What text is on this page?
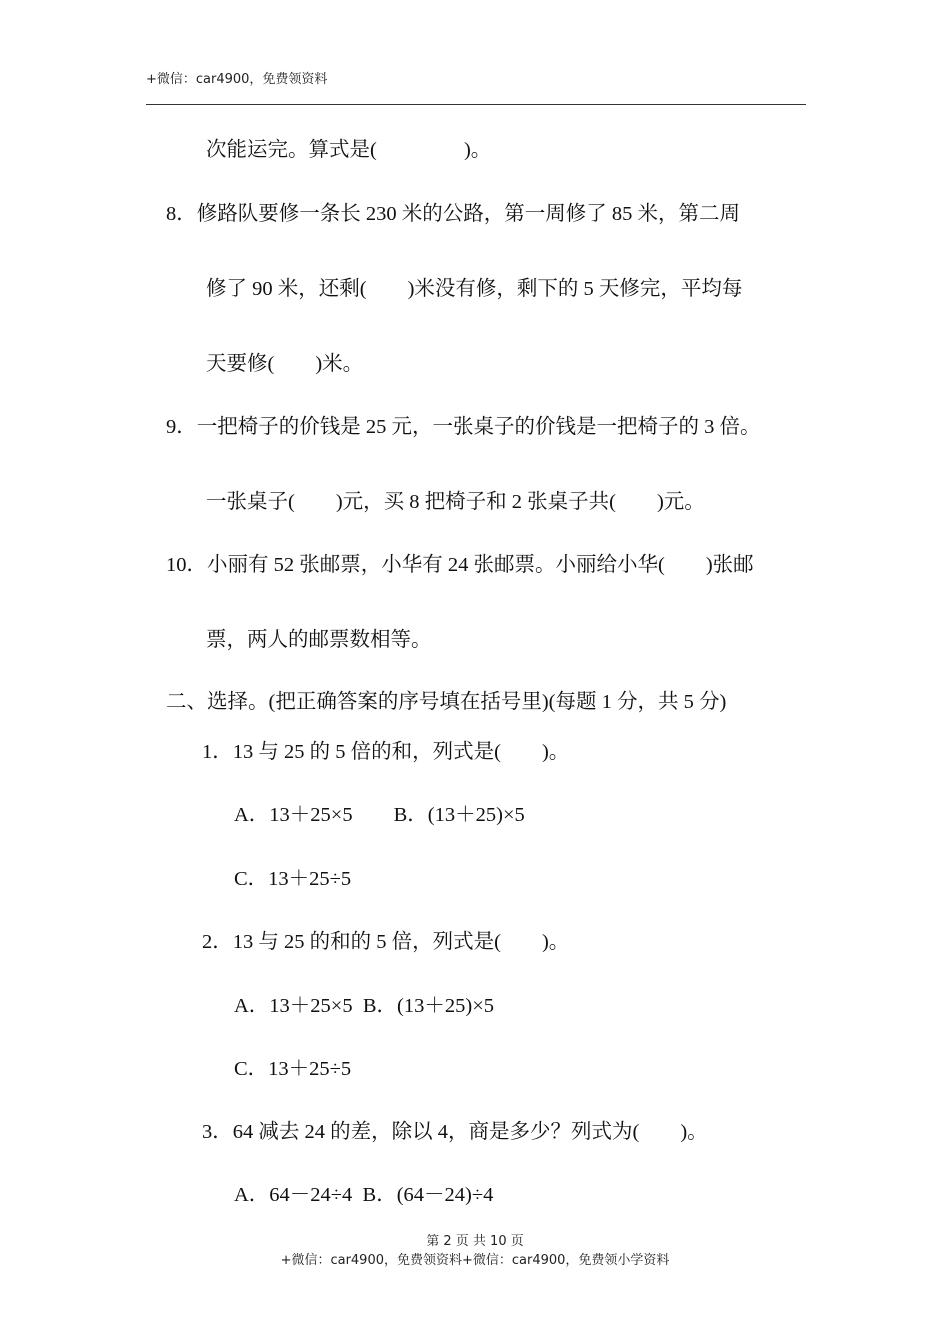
+微信：car4900，免费领资料
次能运完。算式是(                 )。
8．修路队要修一条长 230 米的公路，第一周修了 85 米，第二周
修了 90 米，还剩(        )米没有修，剩下的 5 天修完，平均每
天要修(        )米。
9．一把椅子的价钱是 25 元，一张桌子的价钱是一把椅子的 3 倍。
一张桌子(        )元，买 8 把椅子和 2 张桌子共(        )元。
10．小丽有 52 张邮票，小华有 24 张邮票。小丽给小华(        )张邮
票，两人的邮票数相等。
二、选择。(把正确答案的序号填在括号里)(每题 1 分，共 5 分)
1．13 与 25 的 5 倍的和，列式是(        )。
A．13＋25×5        B．(13＋25)×5
C．13＋25÷5
2．13 与 25 的和的 5 倍，列式是(        )。
A．13＋25×5  B．(13＋25)×5
C．13＋25÷5
3．64 减去 24 的差，除以 4，商是多少？列式为(        )。
A．64－24÷4  B．(64－24)÷4
第 2 页 共 10 页
+微信：car4900，免费领资料+微信：car4900，免费领小学资料
